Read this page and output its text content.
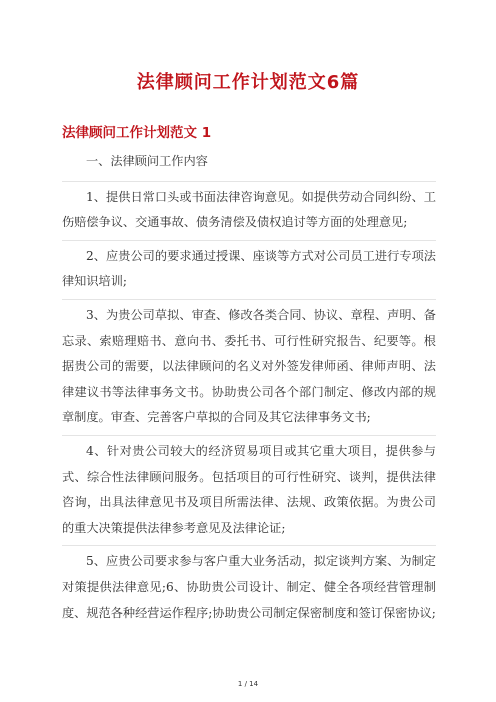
法律顾问工作计划范文6篇
法律顾问工作计划范文 1

一、法律顾问工作内容

1、提供日常口头或书面法律咨询意见。如提供劳动合同纠纷、工伤赔偿争议、交通事故、债务清偿及债权追讨等方面的处理意见;

2、应贵公司的要求通过授课、座谈等方式对公司员工进行专项法律知识培训;

3、为贵公司草拟、审查、修改各类合同、协议、章程、声明、备忘录、索赔理赔书、意向书、委托书、可行性研究报告、纪要等。根据贵公司的需要，以法律顾问的名义对外签发律师函、律师声明、法律建议书等法律事务文书。协助贵公司各个部门制定、修改内部的规章制度。审查、完善客户草拟的合同及其它法律事务文书;

4、针对贵公司较大的经济贸易项目或其它重大项目，提供参与式、综合性法律顾问服务。包括项目的可行性研究、谈判，提供法律咨询，出具法律意见书及项目所需法律、法规、政策依据。为贵公司的重大决策提供法律参考意见及法律论证;

5、应贵公司要求参与客户重大业务活动，拟定谈判方案、为制定对策提供法律意见;6、协助贵公司设计、制定、健全各项经营管理制度、规范各种经营运作程序;协助贵公司制定保密制度和签订保密协议;

1 / 14
